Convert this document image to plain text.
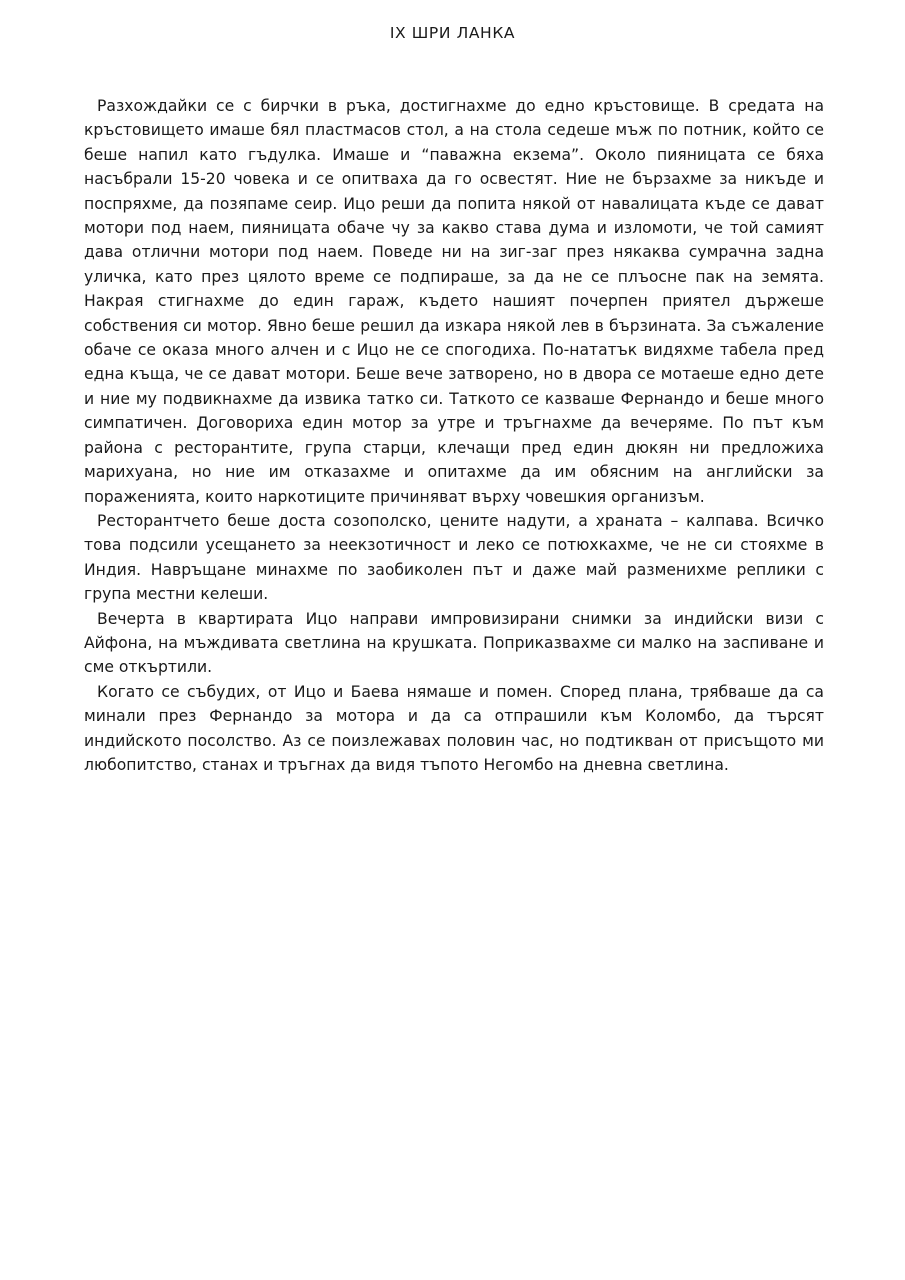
IX ШРИ ЛАНКА

Разхождайки се с бирчки в ръка, достигнахме до едно кръстовище. В средата на кръстовището имаше бял пластмасов стол, а на стола седеше мъж по потник, който се беше напил като гъдулка. Имаше и “паважна екзема”. Около пияницата се бяха насъбрали 15-20 човека и се опитваха да го освестят. Ние не бързахме за никъде и поспряхме, да позяпаме сеир. Ицо реши да попита някой от навалицата къде се дават мотори под наем, пияницата обаче чу за какво става дума и изломоти, че той самият дава отлични мотори под наем. Поведе ни на зиг-заг през някаква сумрачна задна уличка, като през цялото време се подпираше, за да не се плъосне пак на земята. Накрая стигнахме до един гараж, където нашият почерпен приятел държеше собствения си мотор. Явно беше решил да изкара някой лев в бързината. За съжаление обаче се оказа много алчен и с Ицо не се спогодиха. По-нататък видяхме табела пред една къща, че се дават мотори. Беше вече затворено, но в двора се мотаеше едно дете и ние му подвикнахме да извика татко си. Таткото се казваше Фернандо и беше много симпатичен. Договорихa един мотор за утре и тръгнахме да вечеряме. По път към района с ресторантите, група старци, клечащи пред един дюкян ни предложиха марихуана, но ние им отказахме и опитахме да им обясним на английски за пораженията, които наркотиците причиняват върху човешкия организъм.

Ресторантчето беше доста созополско, цените надути, а храната – калпава. Всичко това подсили усещането за неекзотичност и леко се потюхкахме, че не си стояхме в Индия. Навръщане минахме по заобиколен път и даже май разменихме реплики с група местни келеши.

Вечерта в квартирата Ицо направи импровизирани снимки за индийски визи с Айфона, на мъждивата светлина на крушката. Поприказвахме си малко на заспиване и сме откъртили.

Когато се събудих, от Ицо и Баева нямаше и помен. Според плана, трябваше да са минали през Фернандо за мотора и да са отпрашили към Коломбо, да търсят индийското посолство. Аз се поизлежавах половин час, но подтикван от присъщото ми любопитство, станах и тръгнах да видя тъпото Негомбо на дневна светлина.
